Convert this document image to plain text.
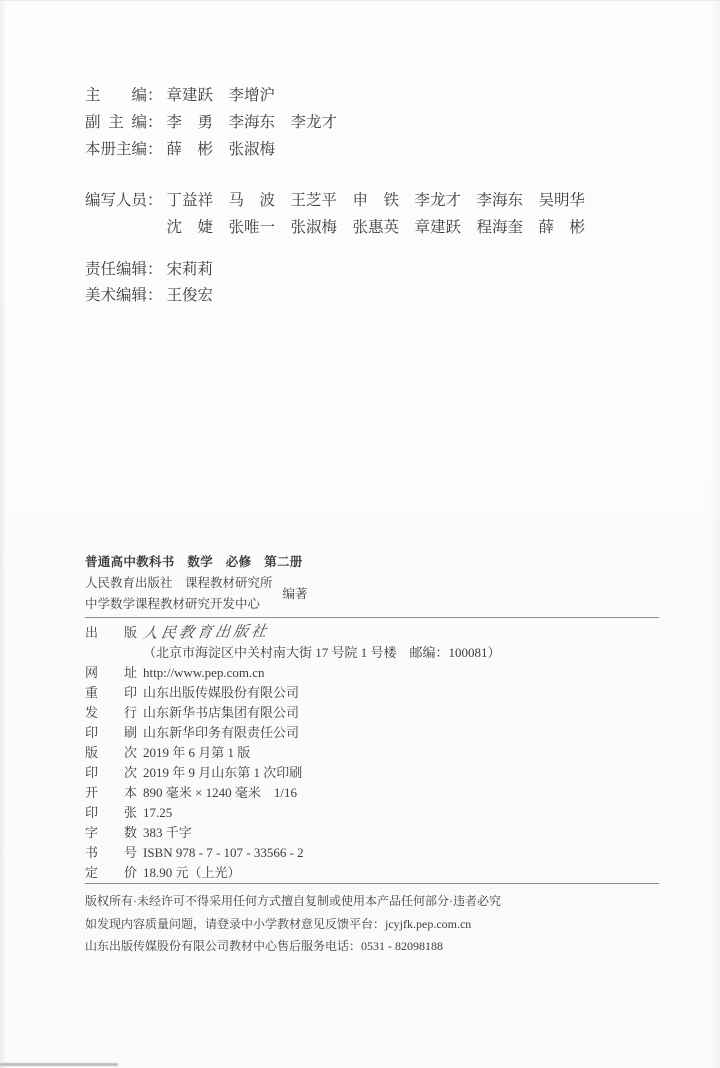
主编 ： 章建跃　李增沪
副主编 ： 李　勇　李海东　李龙才
本册主编 ： 薛　彬　张淑梅
编写人员 ： 丁益祥　马　波　王芝平　申　铁　李龙才　李海东　吴明华
沈　婕　张唯一　张淑梅　张惠英　章建跃　程海奎　薛　彬
责任编辑 ： 宋莉莉
美术编辑 ： 王俊宏
普通高中教科书　数学　必修　第二册
人民教育出版社　课程教材研究所
中学数学课程教材研究开发中心
编著
出版 人民教育出版社
（北京市海淀区中关村南大街 17 号院 1 号楼　邮编：100081）
网址 http://www.pep.com.cn
重印 山东出版传媒股份有限公司
发行 山东新华书店集团有限公司
印刷 山东新华印务有限责任公司
版次 2019 年 6 月第 1 版
印次 2019 年 9 月山东第 1 次印刷
开本 890 毫米 × 1240 毫米　1/16
印张 17.25
字数 383 千字
书号 ISBN 978 - 7 - 107 - 33566 - 2
定价 18.90 元（上光）
版权所有·未经许可不得采用任何方式擅自复制或使用本产品任何部分·违者必究
如发现内容质量问题，请登录中小学教材意见反馈平台：jcyjfk.pep.com.cn
山东出版传媒股份有限公司教材中心售后服务电话：0531 - 82098188
